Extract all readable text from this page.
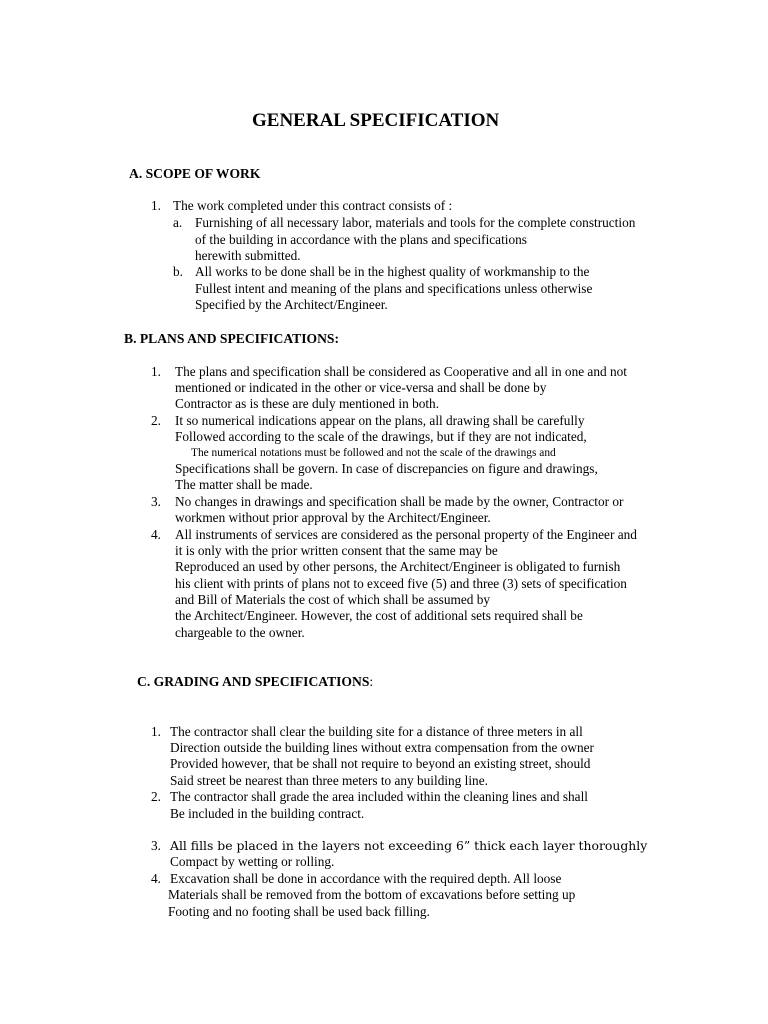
GENERAL SPECIFICATION
A. SCOPE OF WORK
1. The work completed under this contract consists of :
a. Furnishing of all necessary labor, materials and tools for the complete construction
of the building in accordance with the plans and specifications
herewith submitted.
b. All works to be done shall be in the highest quality of workmanship to the
Fullest intent and meaning of the plans and specifications unless otherwise
Specified by the Architect/Engineer.
B. PLANS AND SPECIFICATIONS:
1. The plans and specification shall be considered as Cooperative and all in one and not
mentioned or indicated in the other or vice-versa and shall be done by
Contractor as is these are duly mentioned in both.
2. It so numerical indications appear on the plans, all drawing shall be carefully
Followed according to the scale of the drawings, but if they are not indicated,
The numerical notations must be followed and not the scale of the drawings and
Specifications shall be govern. In case of discrepancies on figure and drawings,
The matter shall be made.
3. No changes in drawings and specification shall be made by the owner, Contractor or
workmen without prior approval by the Architect/Engineer.
4. All instruments of services are considered as the personal property of the Engineer and
it is only with the prior written consent that the same may be
Reproduced an used by other persons, the Architect/Engineer is obligated to furnish
his client with prints of plans not to exceed five (5) and three (3) sets of specification
and Bill of Materials the cost of which shall be assumed by
the Architect/Engineer. However, the cost of additional sets required shall be
chargeable to the owner.
C. GRADING AND SPECIFICATIONS:
1. The contractor shall clear the building site for a distance of three meters in all
Direction outside the building lines without extra compensation from the owner
Provided however, that be shall not require to beyond an existing street, should
Said street be nearest than three meters to any building line.
2. The contractor shall grade the area included within the cleaning lines and shall
Be included in the building contract.
3. All fills be placed in the layers not exceeding 6” thick each layer thoroughly
Compact by wetting or rolling.
4. Excavation shall be done in accordance with the required depth. All loose
Materials shall be removed from the bottom of excavations before setting up
Footing and no footing shall be used back filling.
